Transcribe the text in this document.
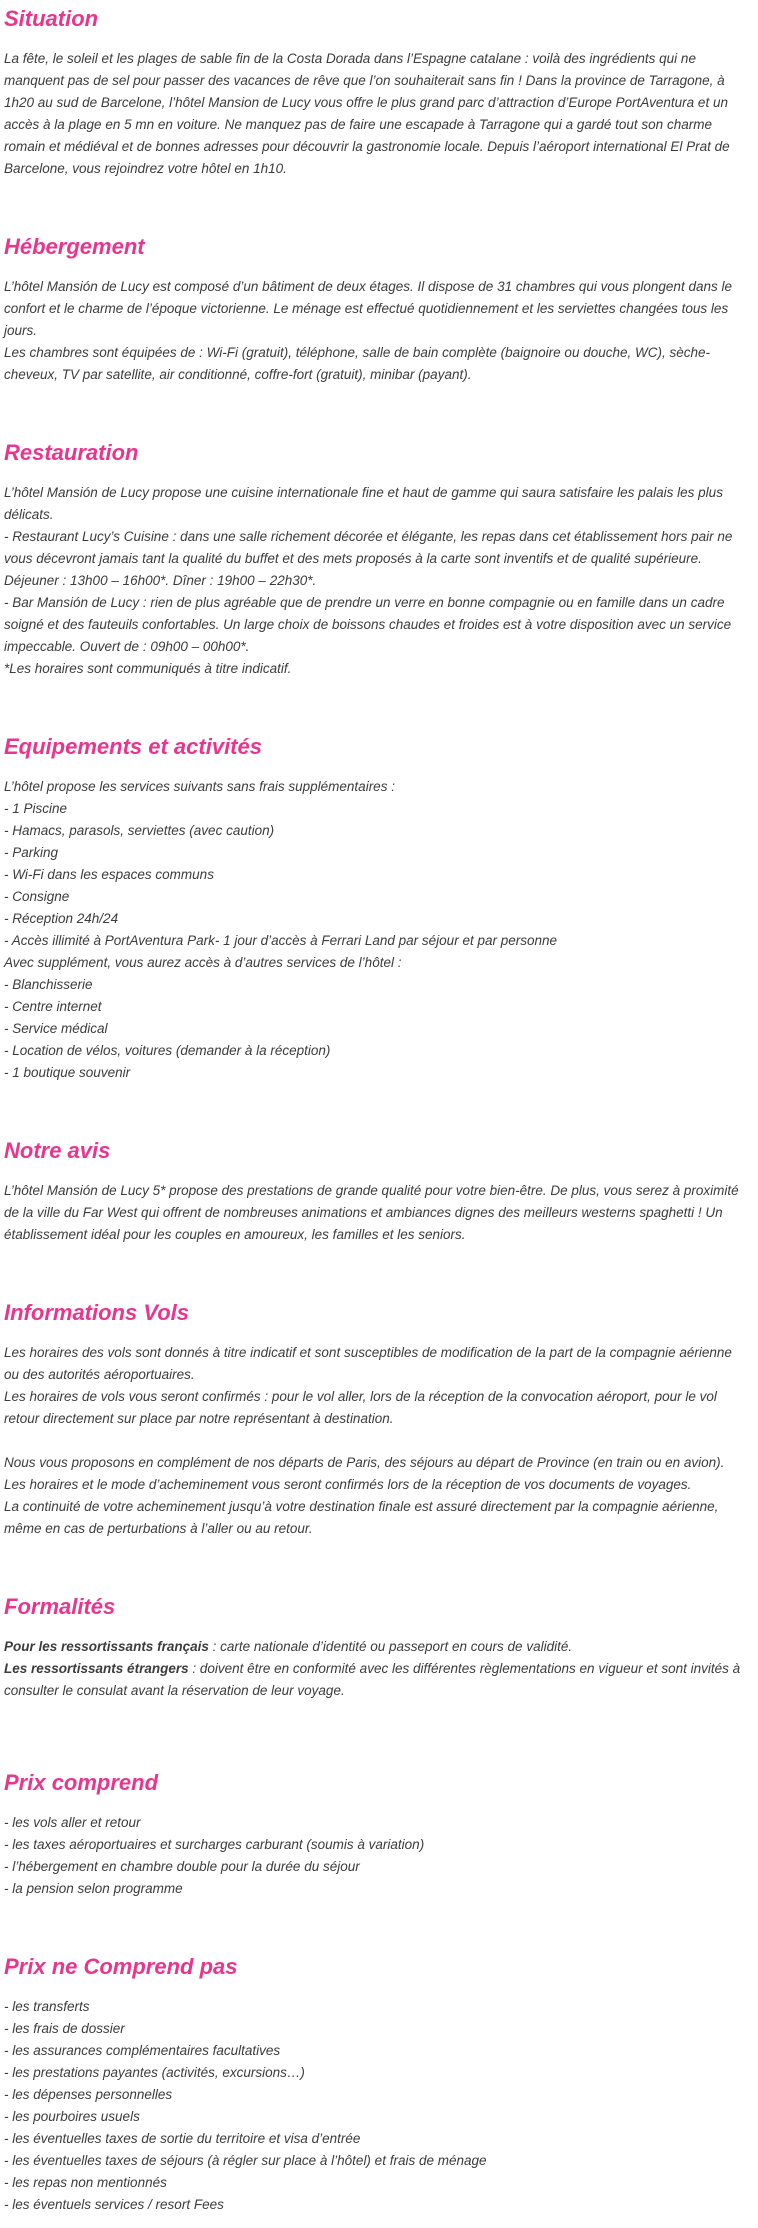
Situation

La fête, le soleil et les plages de sable fin de la Costa Dorada dans l’Espagne catalane : voilà des ingrédients qui ne manquent pas de sel pour passer des vacances de rêve que l’on souhaiterait sans fin ! Dans la province de Tarragone, à 1h20 au sud de Barcelone, l’hôtel Mansion de Lucy vous offre le plus grand parc d’attraction d’Europe PortAventura et un accès à la plage en 5 mn en voiture. Ne manquez pas de faire une escapade à Tarragone qui a gardé tout son charme romain et médiéval et de bonnes adresses pour découvrir la gastronomie locale. Depuis l’aéroport international El Prat de Barcelone, vous rejoindrez votre hôtel en 1h10.

Hébergement

L’hôtel Mansión de Lucy est composé d’un bâtiment de deux étages. Il dispose de 31 chambres qui vous plongent dans le confort et le charme de l’époque victorienne. Le ménage est effectué quotidiennement et les serviettes changées tous les jours.

Les chambres sont équipées de : Wi-Fi (gratuit), téléphone, salle de bain complète (baignoire ou douche, WC), sèche-cheveux, TV par satellite, air conditionné, coffre-fort (gratuit), minibar (payant).

Restauration

L’hôtel Mansión de Lucy propose une cuisine internationale fine et haut de gamme qui saura satisfaire les palais les plus délicats.

- Restaurant Lucy’s Cuisine : dans une salle richement décorée et élégante, les repas dans cet établissement hors pair ne vous décevront jamais tant la qualité du buffet et des mets proposés à la carte sont inventifs et de qualité supérieure. Déjeuner : 13h00 – 16h00*. Dîner : 19h00 – 22h30*.

- Bar Mansión de Lucy : rien de plus agréable que de prendre un verre en bonne compagnie ou en famille dans un cadre soigné et des fauteuils confortables. Un large choix de boissons chaudes et froides est à votre disposition avec un service impeccable. Ouvert de : 09h00 – 00h00*.

*Les horaires sont communiqués à titre indicatif.

Equipements et activités

L’hôtel propose les services suivants sans frais supplémentaires :

- 1 Piscine

- Hamacs, parasols, serviettes (avec caution)

- Parking

- Wi-Fi dans les espaces communs

- Consigne

- Réception 24h/24

- Accès illimité à PortAventura Park- 1 jour d’accès à Ferrari Land par séjour et par personne

Avec supplément, vous aurez accès à d’autres services de l’hôtel :

- Blanchisserie

- Centre internet

- Service médical

- Location de vélos, voitures (demander à la réception)

- 1 boutique souvenir

Notre avis

L’hôtel Mansión de Lucy 5* propose des prestations de grande qualité pour votre bien-être. De plus, vous serez à proximité de la ville du Far West qui offrent de nombreuses animations et ambiances dignes des meilleurs westerns spaghetti ! Un établissement idéal pour les couples en amoureux, les familles et les seniors.

Informations Vols

Les horaires des vols sont donnés à titre indicatif et sont susceptibles de modification de la part de la compagnie aérienne ou des autorités aéroportuaires.

Les horaires de vols vous seront confirmés : pour le vol aller, lors de la réception de la convocation aéroport, pour le vol retour directement sur place par notre représentant à destination.

Nous vous proposons en complément de nos départs de Paris, des séjours au départ de Province (en train ou en avion). Les horaires et le mode d’acheminement vous seront confirmés lors de la réception de vos documents de voyages.

La continuité de votre acheminement jusqu’à votre destination finale est assuré directement par la compagnie aérienne, même en cas de perturbations à l’aller ou au retour.

Formalités

Pour les ressortissants français : carte nationale d’identité ou passeport en cours de validité.

Les ressortissants étrangers : doivent être en conformité avec les différentes règlementations en vigueur et sont invités à consulter le consulat avant la réservation de leur voyage.

Prix comprend

- les vols aller et retour

- les taxes aéroportuaires et surcharges carburant (soumis à variation)

- l’hébergement en chambre double pour la durée du séjour

- la pension selon programme

Prix ne Comprend pas

- les transferts

- les frais de dossier

- les assurances complémentaires facultatives

- les prestations payantes (activités, excursions…)

- les dépenses personnelles

- les pourboires usuels

- les éventuelles taxes de sortie du territoire et visa d’entrée

- les éventuelles taxes de séjours (à régler sur place à l’hôtel) et frais de ménage

- les repas non mentionnés

- les éventuels services / resort Fees
